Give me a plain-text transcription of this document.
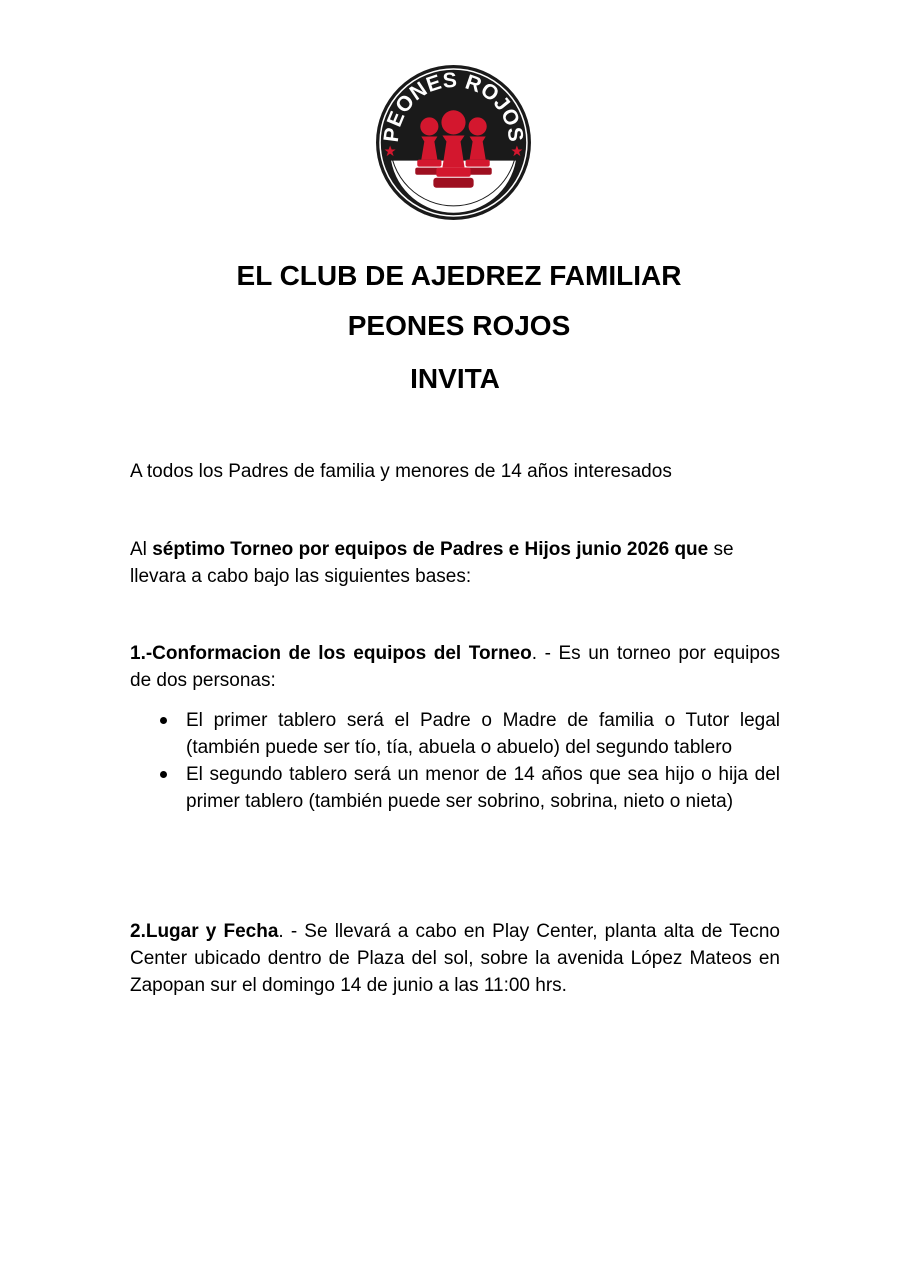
PEONES ROJOS
EL CLUB DE AJEDREZ FAMILIAR
PEONES ROJOS
INVITA

A todos los Padres de familia y menores de 14 años interesados

Al séptimo Torneo por equipos de Padres e Hijos junio 2026 que se llevara a cabo bajo las siguientes bases:

1.-Conformacion de los equipos del Torneo. - Es un torneo por equipos de dos personas:

El primer tablero será el Padre o Madre de familia o Tutor legal (también puede ser tío, tía, abuela o abuelo) del segundo tablero
El segundo tablero será un menor de 14 años que sea hijo o hija del primer tablero (también puede ser sobrino, sobrina, nieto o nieta)

2.Lugar y Fecha. - Se llevará a cabo en Play Center, planta alta de Tecno Center ubicado dentro de Plaza del sol, sobre la avenida López Mateos en Zapopan sur el domingo 14 de junio a las 11:00 hrs.
